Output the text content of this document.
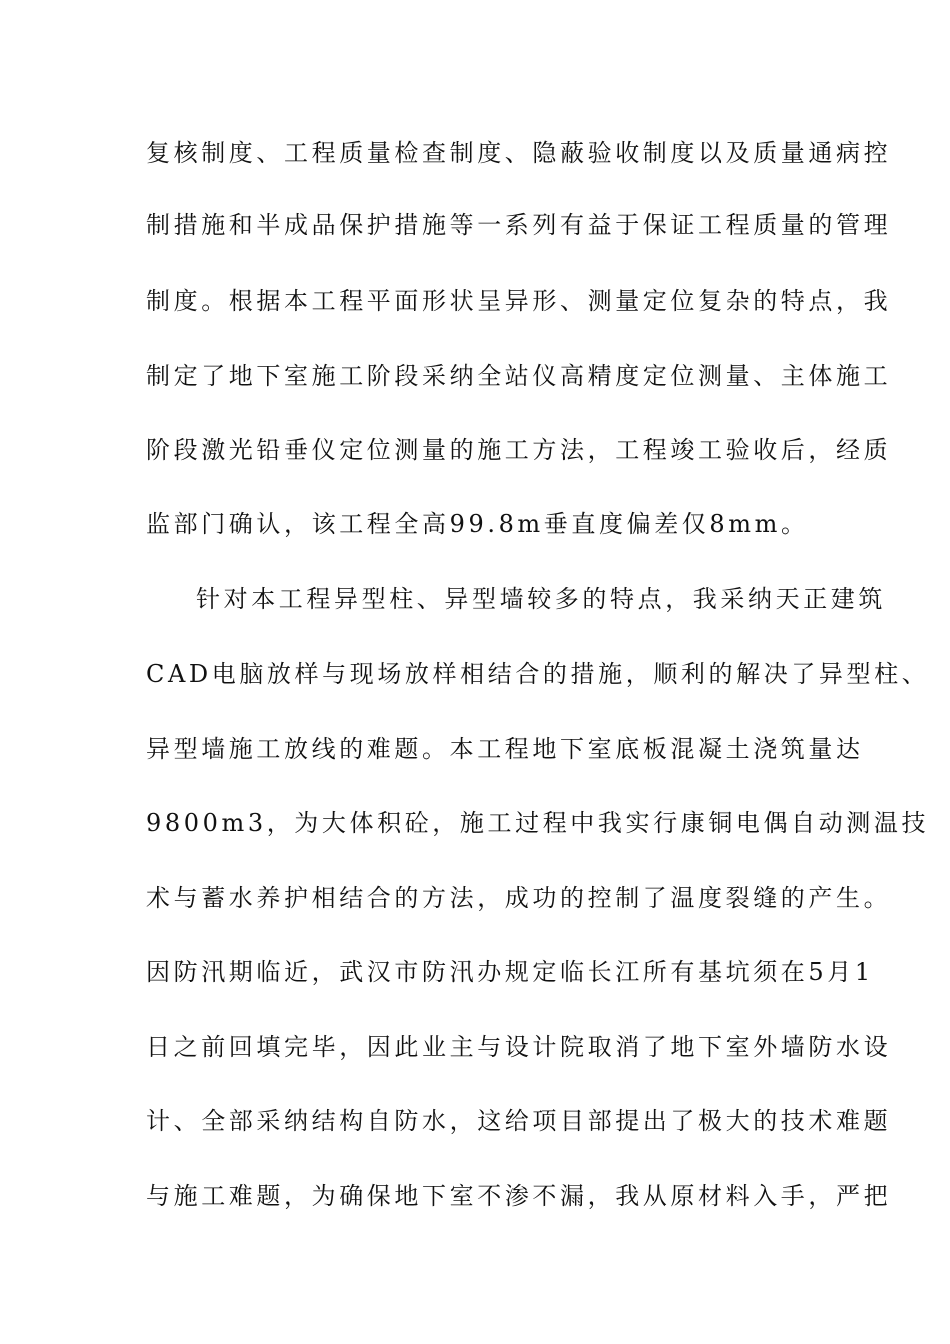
复核制度、工程质量检查制度、隐蔽验收制度以及质量通病控
制措施和半成品保护措施等一系列有益于保证工程质量的管理
制度。根据本工程平面形状呈异形、测量定位复杂的特点，我
制定了地下室施工阶段采纳全站仪高精度定位测量、主体施工
阶段激光铅垂仪定位测量的施工方法，工程竣工验收后，经质
监部门确认，该工程全高99.8m垂直度偏差仅8mm。
针对本工程异型柱、异型墙较多的特点，我采纳天正建筑
CAD电脑放样与现场放样相结合的措施，顺利的解决了异型柱、
异型墙施工放线的难题。本工程地下室底板混凝土浇筑量达
9800m3，为大体积砼，施工过程中我实行康铜电偶自动测温技
术与蓄水养护相结合的方法，成功的控制了温度裂缝的产生。
因防汛期临近，武汉市防汛办规定临长江所有基坑须在5月1
日之前回填完毕，因此业主与设计院取消了地下室外墙防水设
计、全部采纳结构自防水，这给项目部提出了极大的技术难题
与施工难题，为确保地下室不渗不漏，我从原材料入手，严把
